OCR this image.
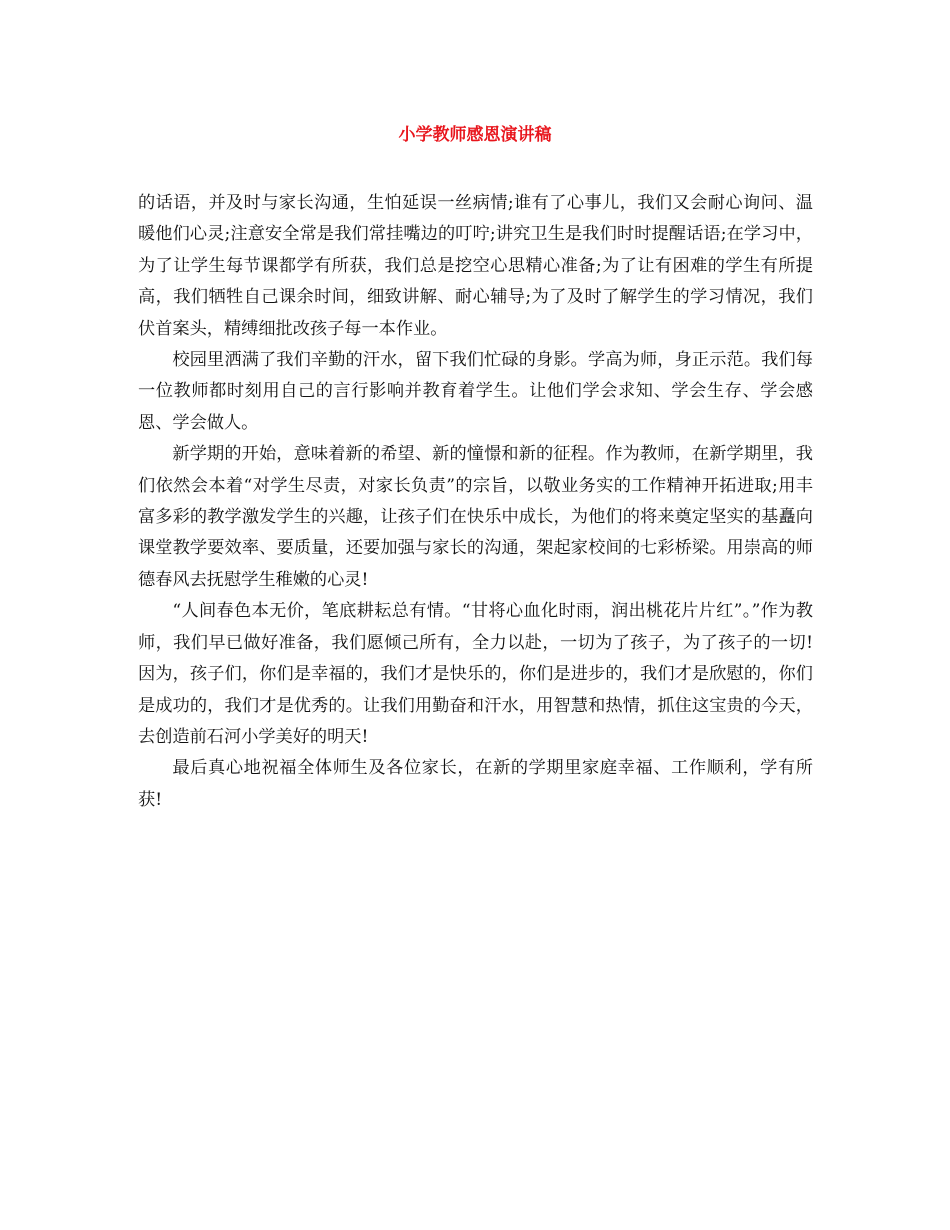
小学教师感恩演讲稿

的话语，并及时与家长沟通，生怕延误一丝病情;谁有了心事儿，我们又会耐心询问、温暖他们心灵;注意安全常是我们常挂嘴边的叮咛;讲究卫生是我们时时提醒话语;在学习中，为了让学生每节课都学有所获，我们总是挖空心思精心准备;为了让有困难的学生有所提高，我们牺牲自己课余时间，细致讲解、耐心辅导;为了及时了解学生的学习情况，我们伏首案头，精缚细批改孩子每一本作业。

校园里洒满了我们辛勤的汗水，留下我们忙碌的身影。学高为师，身正示范。我们每一位教师都时刻用自己的言行影响并教育着学生。让他们学会求知、学会生存、学会感恩、学会做人。

新学期的开始，意味着新的希望、新的憧憬和新的征程。作为教师，在新学期里，我们依然会本着“对学生尽责，对家长负责”的宗旨，以敬业务实的工作精神开拓进取;用丰富多彩的教学激发学生的兴趣，让孩子们在快乐中成长，为他们的将来奠定坚实的基矗向课堂教学要效率、要质量，还要加强与家长的沟通，架起家校间的七彩桥梁。用崇高的师德春风去抚慰学生稚嫩的心灵!

“人间春色本无价，笔底耕耘总有情。“甘将心血化时雨，润出桃花片片红”。”作为教师，我们早已做好准备，我们愿倾己所有，全力以赴，一切为了孩子，为了孩子的一切!因为，孩子们，你们是幸福的，我们才是快乐的，你们是进步的，我们才是欣慰的，你们是成功的，我们才是优秀的。让我们用勤奋和汗水，用智慧和热情，抓住这宝贵的今天，去创造前石河小学美好的明天!

最后真心地祝福全体师生及各位家长，在新的学期里家庭幸福、工作顺利，学有所获!
